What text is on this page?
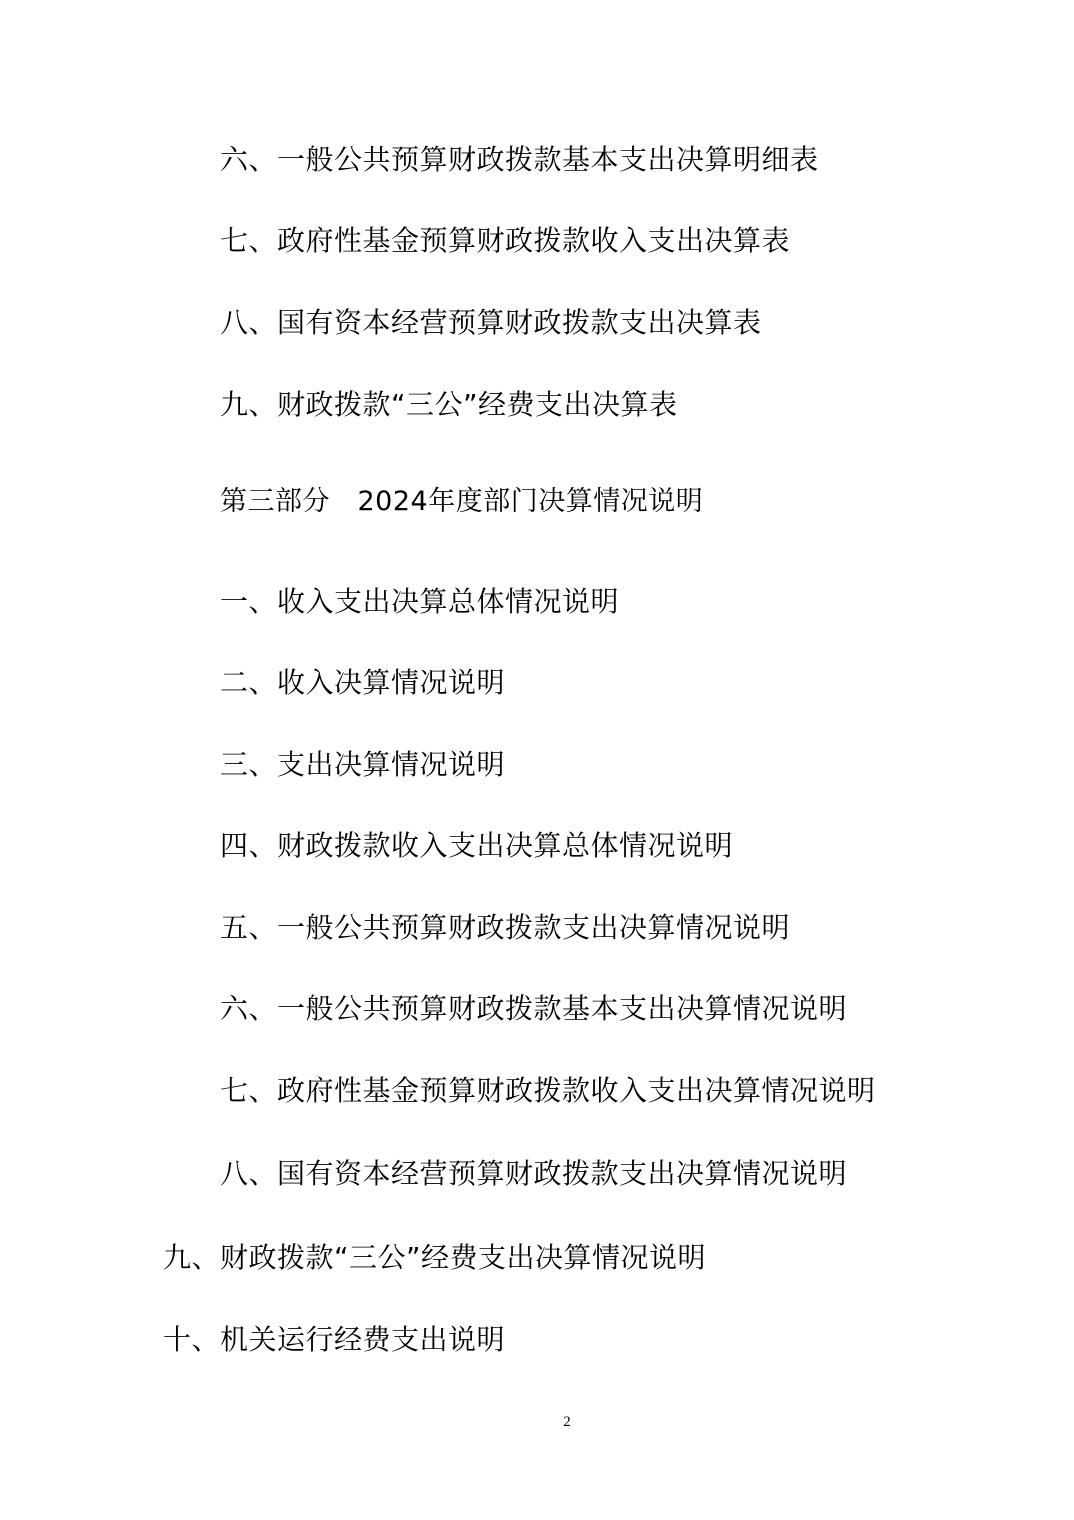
六、一般公共预算财政拨款基本支出决算明细表
七、政府性基金预算财政拨款收入支出决算表
八、国有资本经营预算财政拨款支出决算表
九、财政拨款“三公”经费支出决算表
第三部分　2024年度部门决算情况说明
一、收入支出决算总体情况说明
二、收入决算情况说明
三、支出决算情况说明
四、财政拨款收入支出决算总体情况说明
五、一般公共预算财政拨款支出决算情况说明
六、一般公共预算财政拨款基本支出决算情况说明
七、政府性基金预算财政拨款收入支出决算情况说明
八、国有资本经营预算财政拨款支出决算情况说明
九、财政拨款“三公”经费支出决算情况说明
十、机关运行经费支出说明
2
